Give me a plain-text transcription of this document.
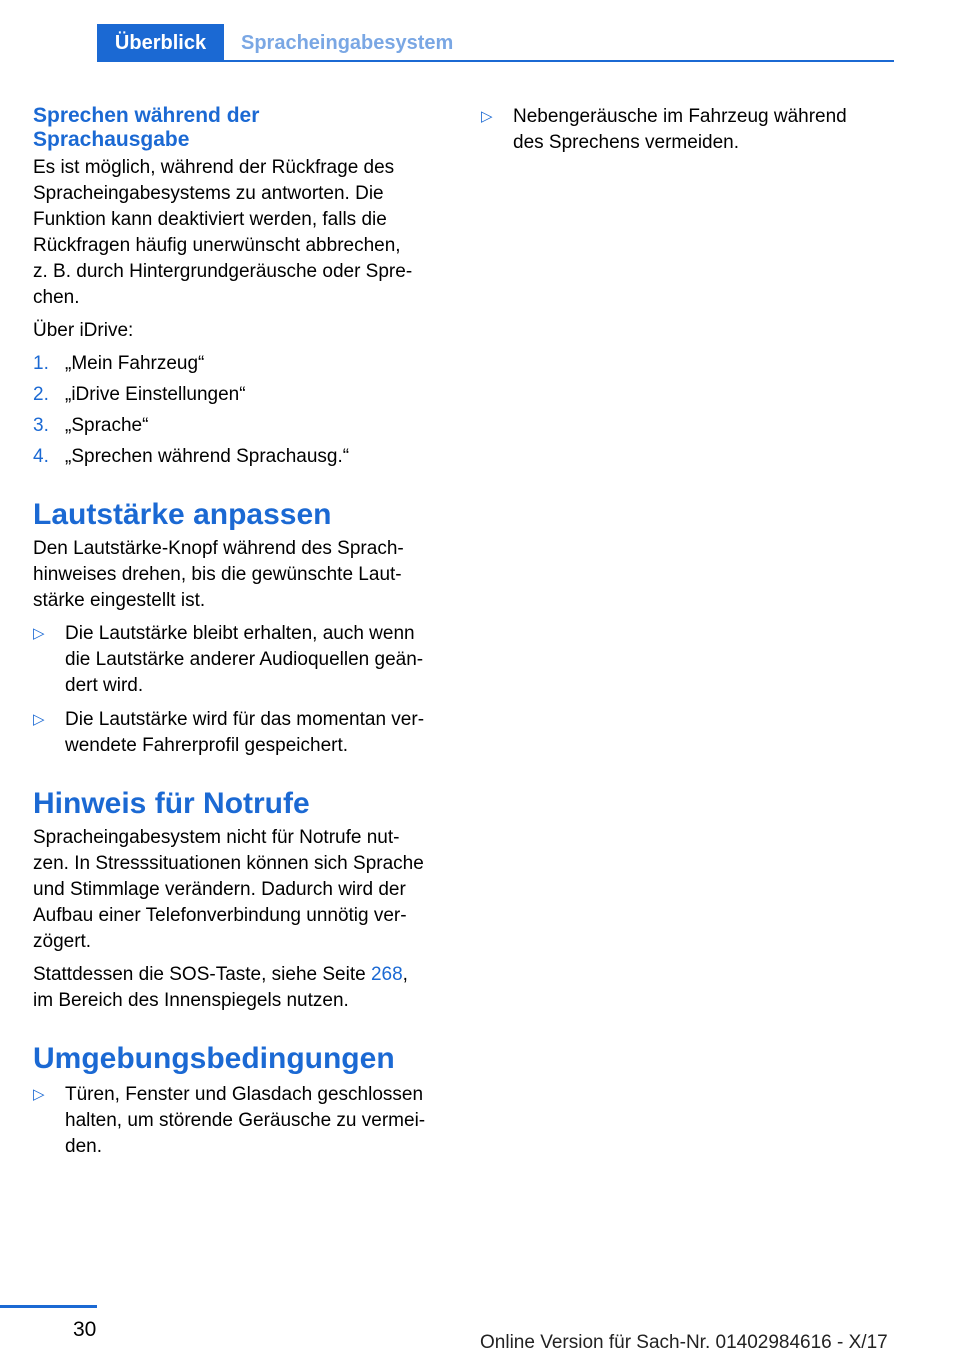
Überblick	Spracheingabesystem
Sprechen während der
Sprachausgabe
Es ist möglich, während der Rückfrage des
Spracheingabesystems zu antworten. Die
Funktion kann deaktiviert werden, falls die
Rückfragen häufig unerwünscht abbrechen,
z. B. durch Hintergrundgeräusche oder Spre‐
chen.
Über iDrive:
1. „Mein Fahrzeug“
2. „iDrive Einstellungen“
3. „Sprache“
4. „Sprechen während Sprachausg.“
Lautstärke anpassen
Den Lautstärke-Knopf während des Sprach‐
hinweises drehen, bis die gewünschte Laut‐
stärke eingestellt ist.
▷	Die Lautstärke bleibt erhalten, auch wenn
die Lautstärke anderer Audioquellen geän‐
dert wird.
▷	Die Lautstärke wird für das momentan ver‐
wendete Fahrerprofil gespeichert.
Hinweis für Notrufe
Spracheingabesystem nicht für Notrufe nut‐
zen. In Stresssituationen können sich Sprache
und Stimmlage verändern. Dadurch wird der
Aufbau einer Telefonverbindung unnötig ver‐
zögert.
Stattdessen die SOS-Taste, siehe Seite 268,
im Bereich des Innenspiegels nutzen.
Umgebungsbedingungen
▷	Türen, Fenster und Glasdach geschlossen
halten, um störende Geräusche zu vermei‐
den.
▷	Nebengeräusche im Fahrzeug während
des Sprechens vermeiden.
30
Online Version für Sach-Nr. 01402984616 - X/17
